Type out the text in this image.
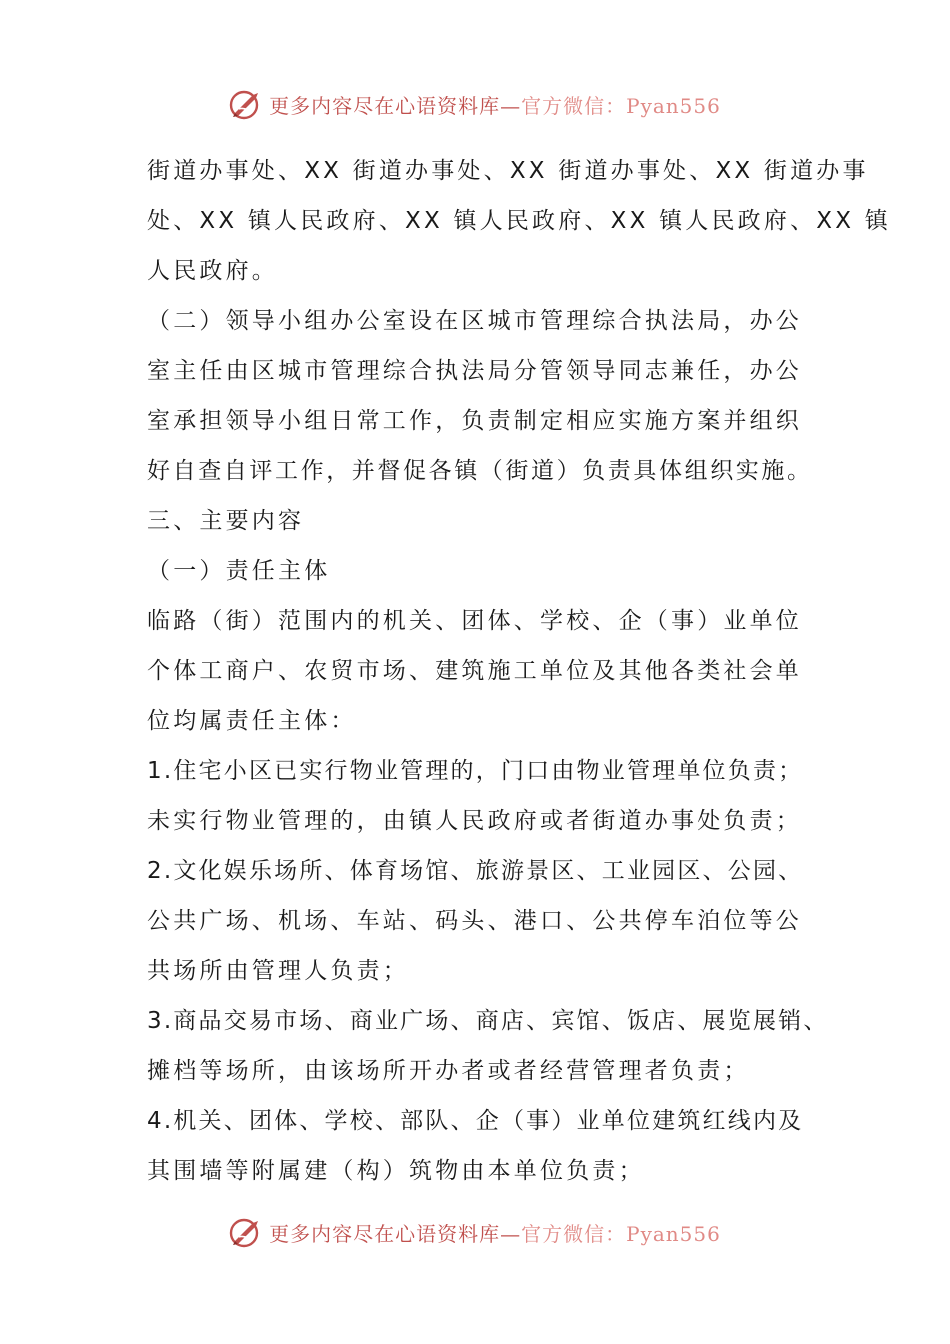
更多内容尽在心语资料库—官方微信：Pyan556
街道办事处、XX 街道办事处、XX 街道办事处、XX 街道办事
处、XX 镇人民政府、XX 镇人民政府、XX 镇人民政府、XX 镇
人民政府。
（二）领导小组办公室设在区城市管理综合执法局，办公
室主任由区城市管理综合执法局分管领导同志兼任，办公
室承担领导小组日常工作，负责制定相应实施方案并组织
好自查自评工作，并督促各镇（街道）负责具体组织实施。
三、主要内容
（一）责任主体
临路（街）范围内的机关、团体、学校、企（事）业单位
个体工商户、农贸市场、建筑施工单位及其他各类社会单
位均属责任主体：
1.住宅小区已实行物业管理的，门口由物业管理单位负责；
未实行物业管理的，由镇人民政府或者街道办事处负责；
2.文化娱乐场所、体育场馆、旅游景区、工业园区、公园、
公共广场、机场、车站、码头、港口、公共停车泊位等公
共场所由管理人负责；
3.商品交易市场、商业广场、商店、宾馆、饭店、展览展销、
摊档等场所，由该场所开办者或者经营管理者负责；
4.机关、团体、学校、部队、企（事）业单位建筑红线内及
其围墙等附属建（构）筑物由本单位负责；
更多内容尽在心语资料库—官方微信：Pyan556
